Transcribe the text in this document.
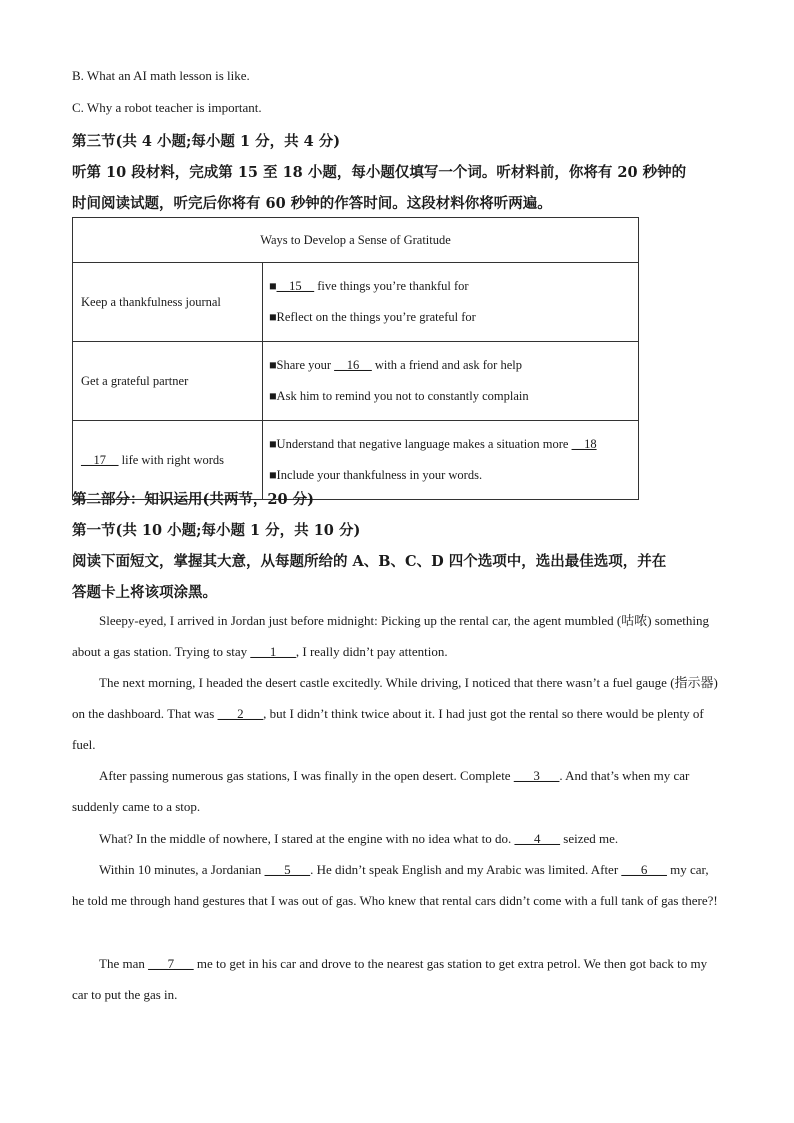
B. What an AI math lesson is like.
C. Why a robot teacher is important.
第三节(共 4 小题;每小题 1 分，共 4 分)
听第 10 段材料，完成第 15 至 18 小题，每小题仅填写一个词。听材料前，你将有 20 秒钟的
时间阅读试题，听完后你将有 60 秒钟的作答时间。这段材料你将听两遍。
Ways to Develop a Sense of Gratitude	
Keep a thankfulness journal	■__15__ five things you’re thankful for
■Reflect on the things you’re grateful for

Get a grateful partner	■Share your __16__ with a friend and ask for help
■Ask him to remind you not to constantly complain

__17__ life with right words	■Understand that negative language makes a situation more __18
■Include your thankfulness in your words.
第二部分：知识运用(共两节，20 分)
第一节(共 10 小题;每小题 1 分，共 10 分)
阅读下面短文，掌握其大意，从每题所给的 A、B、C、D 四个选项中，选出最佳选项，并在
答题卡上将该项涂黑。
Sleepy-eyed, I arrived in Jordan just before midnight: Picking up the rental car, the agent mumbled (咕哝) something about a gas station. Trying to stay ___1___, I really didn’t pay attention.
The next morning, I headed the desert castle excitedly. While driving, I noticed that there wasn’t a fuel gauge (指示器) on the dashboard. That was ___2___, but I didn’t think twice about it. I had just got the rental so there would be plenty of fuel.
After passing numerous gas stations, I was finally in the open desert. Complete ___3___. And that’s when my car suddenly came to a stop.
What? In the middle of nowhere, I stared at the engine with no idea what to do. ___4___ seized me.
Within 10 minutes, a Jordanian ___5___. He didn’t speak English and my Arabic was limited. After ___6___ my car, he told me through hand gestures that I was out of gas. Who knew that rental cars didn’t come with a full tank of gas there?!
The man ___7___ me to get in his car and drove to the nearest gas station to get extra petrol. We then got back to my car to put the gas in.
